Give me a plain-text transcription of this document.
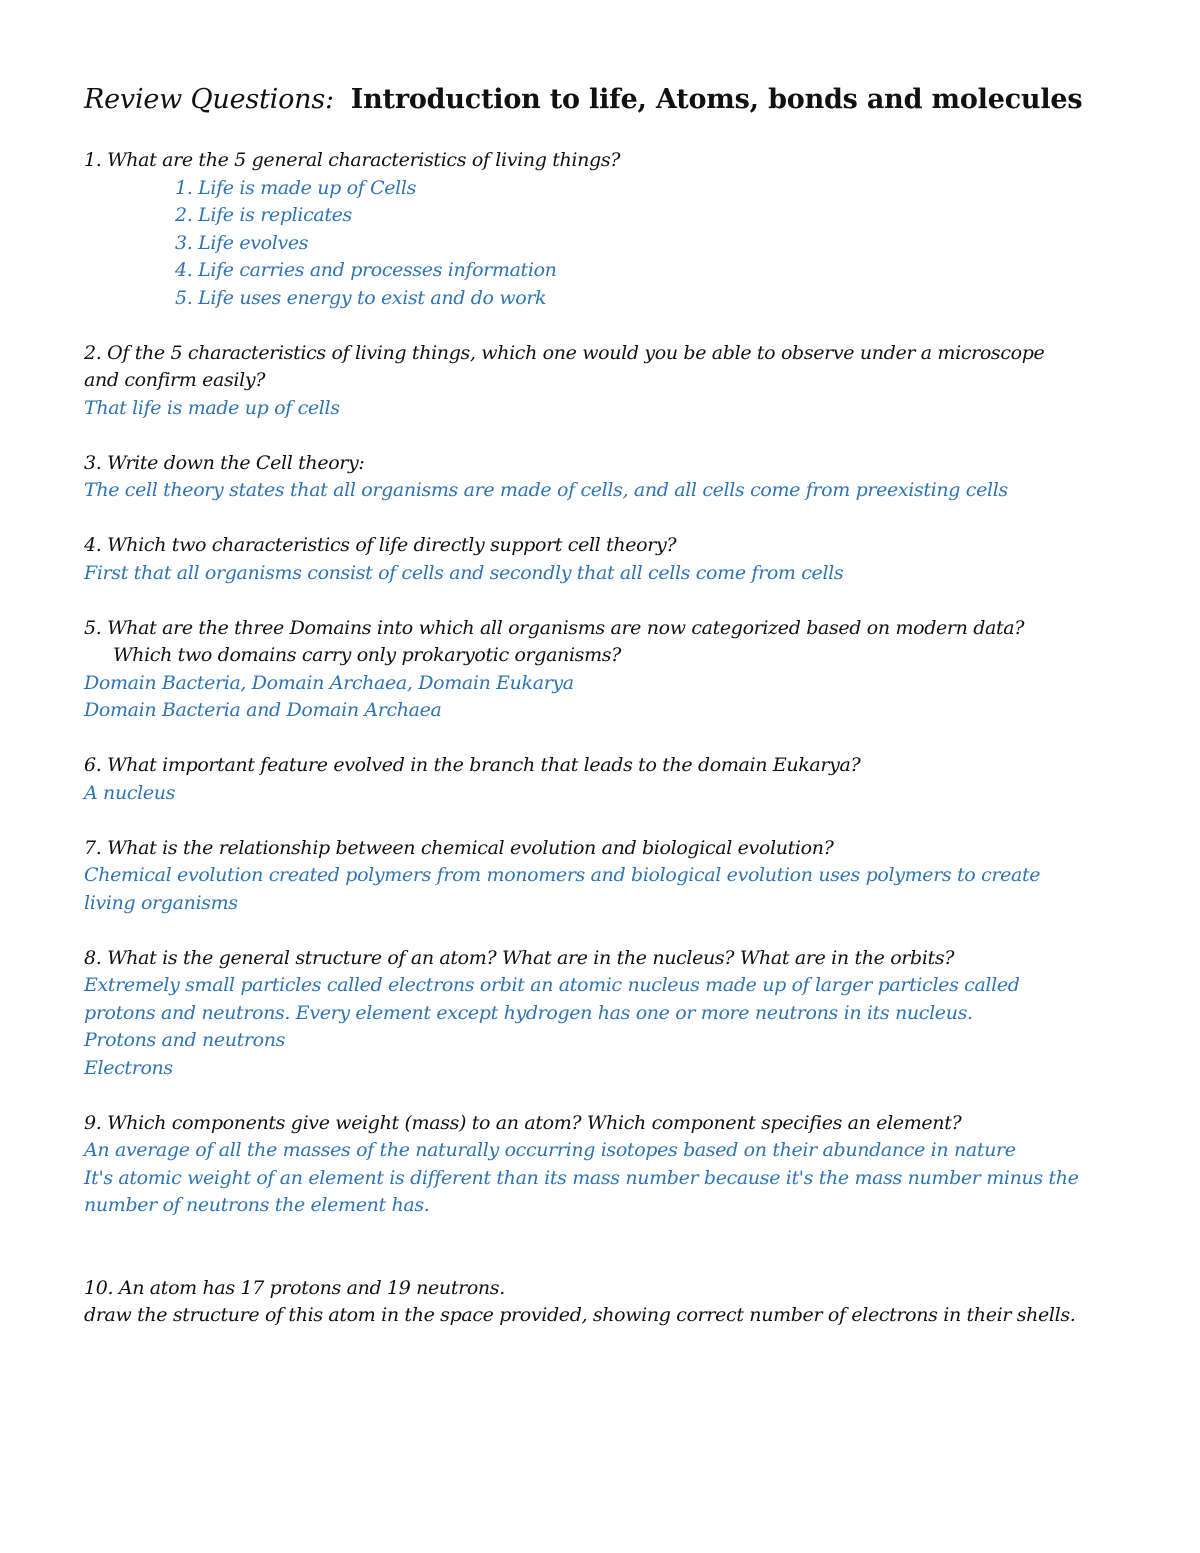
Review Questions: Introduction to life, Atoms, bonds and molecules
1. What are the 5 general characteristics of living things?
1. Life is made up of Cells
2. Life is replicates
3. Life evolves
4. Life carries and processes information
5. Life uses energy to exist and do work
2. Of the 5 characteristics of living things, which one would you be able to observe under a microscope
and confirm easily?
That life is made up of cells
3. Write down the Cell theory:
The cell theory states that all organisms are made of cells, and all cells come from preexisting cells
4. Which two characteristics of life directly support cell theory?
First that all organisms consist of cells and secondly that all cells come from cells
5. What are the three Domains into which all organisms are now categorized based on modern data?
Which two domains carry only prokaryotic organisms?
Domain Bacteria, Domain Archaea, Domain Eukarya
Domain Bacteria and Domain Archaea
6. What important feature evolved in the branch that leads to the domain Eukarya?
A nucleus
7. What is the relationship between chemical evolution and biological evolution?
Chemical evolution created polymers from monomers and biological evolution uses polymers to create
living organisms
8. What is the general structure of an atom? What are in the nucleus? What are in the orbits?
Extremely small particles called electrons orbit an atomic nucleus made up of larger particles called
protons and neutrons. Every element except hydrogen has one or more neutrons in its nucleus.
Protons and neutrons
Electrons
9. Which components give weight (mass) to an atom? Which component specifies an element?
An average of all the masses of the naturally occurring isotopes based on their abundance in nature
It's atomic weight of an element is different than its mass number because it's the mass number minus the
number of neutrons the element has.
10. An atom has 17 protons and 19 neutrons.
draw the structure of this atom in the space provided, showing correct number of electrons in their shells.
